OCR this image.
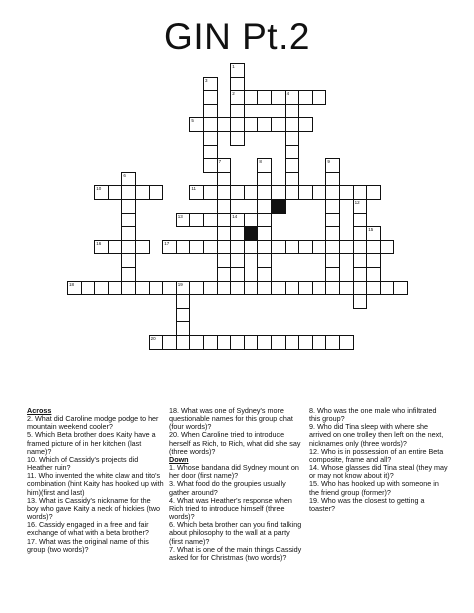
GIN Pt.2
2	4
5
10	11
13	14
16	17
18	19
20
1
3
6
7	8	9
12
15

Across

2. What did Caroline modge podge to her mountain weekend cooler?

5. Which Beta brother does Kaity have a framed picture of in her kitchen (last name)?

10. Which of Cassidy's projects did Heather ruin?

11. Who invented the white claw and tito's combination (hint Kaity has hooked up with him)(first and last)

13. What is Cassidy's nickname for the boy who gave Kaity a neck of hickies (two words)?

16. Cassidy engaged in a free and fair exchange of what with a beta brother?

17. What was the original name of this group (two words)?

18. What was one of Sydney's more questionable names for this group chat (four words)?

20. When Caroline tried to introduce herself as Rich, to Rich, what did she say (three words)?

Down

1. Whose bandana did Sydney mount on her door (first name)?

3. What food do the groupies usually gather around?

4. What was Heather's response when Rich tried to introduce himself (three words)?

6. Which beta brother can you find talking about philosophy to the wall at a party (first name)?

7. What is one of the main things Cassidy asked for for Christmas (two words)?

8. Who was the one male who infiltrated this group?

9. Who did Tina sleep with where she arrived on one trolley then left on the next, nicknames only (three words)?

12. Who is in possession of an entire Beta composite, frame and all?

14. Whose glasses did Tina steal (they may or may not know about it)?

15. Who has hooked up with someone in the friend group (former)?

19. Who was the closest to getting a toaster?
